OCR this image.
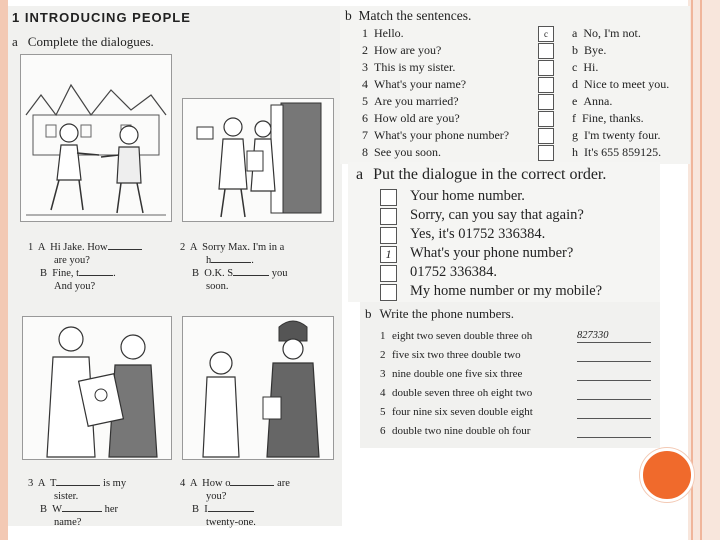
1 INTRODUCING PEOPLE
a Complete the dialogues.

1  A  Hi Jake. How
are you?
B  Fine, t	.
And you?

2  A  Sorry Max. I'm in a
h	.
B  O.K. S	you
soon.

3  A  T	is my
sister.
B  W	her
name?

4  A  How o	are
you?
B  I
twenty-one.

b Match the sentences.
1 Hello.	c	a No, I'm not.
2 How are you?	b Bye.
3 This is my sister.	c Hi.
4 What's your name?	d Nice to meet you.
5 Are you married?	e Anna.
6 How old are you?	f Fine, thanks.
7 What's your phone number?	g I'm twenty four.
8 See you soon.	h It's 655 859125.
a Put the dialogue in the correct order.
Your home number.
Sorry, can you say that again?
Yes, it's 01752 336384.
1	What's your phone number?
01752 336384.
My home number or my mobile?
b Write the phone numbers.
1 eight two seven double three oh	827330
2 five six two three double two
3 nine double one five six three
4 double seven three oh eight two
5 four nine six seven double eight
6 double two nine double oh four
